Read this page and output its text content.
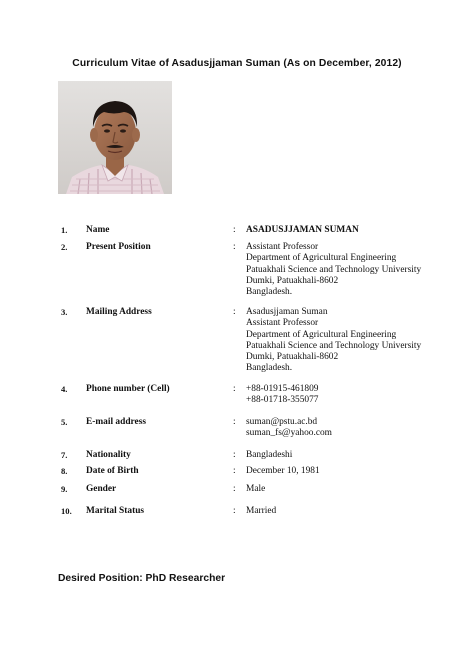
Curriculum Vitae of Asadusjjaman Suman (As on December, 2012)
1. Name	: ASADUSJJAMAN SUMAN
2. Present Position	: Assistant Professor
Department of Agricultural Engineering
Patuakhali Science and Technology University
Dumki, Patuakhali-8602
Bangladesh.
3. Mailing Address	: Asadusjjaman Suman
Assistant Professor
Department of Agricultural Engineering
Patuakhali Science and Technology University
Dumki, Patuakhali-8602
Bangladesh.
4. Phone number (Cell)	: +88-01915-461809
+88-01718-355077
5. E-mail address	: suman@pstu.ac.bd
suman_fs@yahoo.com
7. Nationality	: Bangladeshi
8. Date of Birth	: December 10, 1981
9. Gender	: Male
10. Marital Status	: Married
Desired Position: PhD Researcher
